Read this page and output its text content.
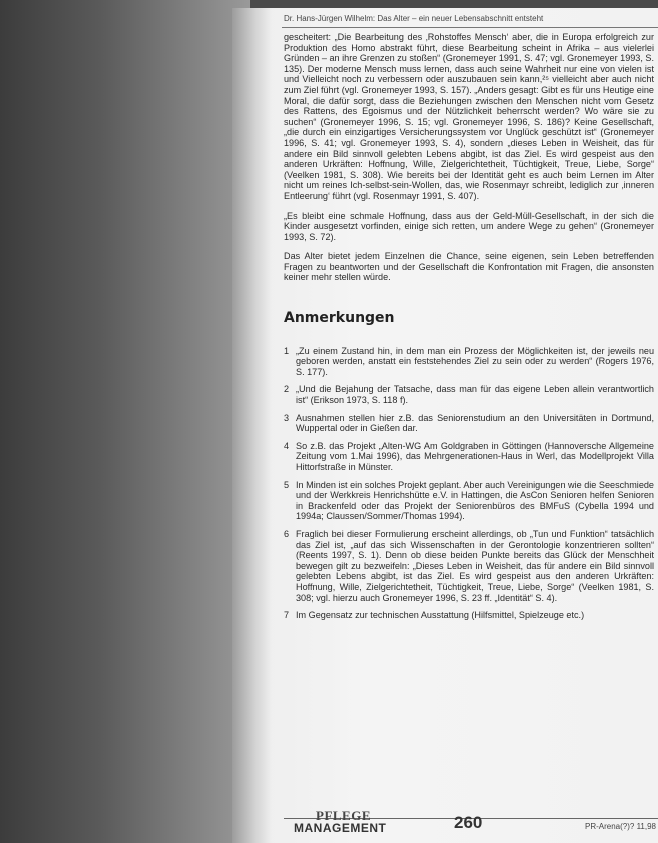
Dr. Hans-Jürgen Wilhelm: Das Alter – ein neuer Lebensabschnitt entsteht

gescheitert: „Die Bearbeitung des ‚Rohstoffes Mensch‘ aber, die in Europa erfolgreich zur Produktion des Homo abstrakt führt, diese Bearbeitung scheint in Afrika – aus vielerlei Gründen – an ihre Grenzen zu stoßen“ (Gronemeyer 1991, S. 47; vgl. Gronemeyer 1993, S. 135). Der moderne Mensch muss lernen, dass auch seine Wahrheit nur eine von vielen ist und Vielleicht noch zu verbessern oder auszubauen sein kann,²⁵ vielleicht aber auch nicht zum Ziel führt (vgl. Gronemeyer 1993, S. 157). „Anders gesagt: Gibt es für uns Heutige eine Moral, die dafür sorgt, dass die Beziehungen zwischen den Menschen nicht vom Gesetz des Rattens, des Egoismus und der Nützlichkeit beherrscht werden? Wo wäre sie zu suchen“ (Gronemeyer 1996, S. 15; vgl. Gronemeyer 1996, S. 186)? Keine Gesellschaft, „die durch ein einzigartiges Versicherungssystem vor Unglück geschützt ist“ (Gronemeyer 1996, S. 41; vgl. Gronemeyer 1993, S. 4), sondern „dieses Leben in Weisheit, das für andere ein Bild sinnvoll gelebten Lebens abgibt, ist das Ziel. Es wird gespeist aus den anderen Urkräften: Hoffnung, Wille, Zielgerichtetheit, Tüchtigkeit, Treue, Liebe, Sorge“ (Veelken 1981, S. 308). Wie bereits bei der Identität geht es auch beim Lernen im Alter nicht um reines Ich-selbst-sein-Wollen, das, wie Rosenmayr schreibt, lediglich zur ‚inneren Entleerung‘ führt (vgl. Rosenmayr 1991, S. 407).

„Es bleibt eine schmale Hoffnung, dass aus der Geld-Müll-Gesellschaft, in der sich die Kinder ausgesetzt vorfinden, einige sich retten, um andere Wege zu gehen“ (Gronemeyer 1993, S. 72).

Das Alter bietet jedem Einzelnen die Chance, seine eigenen, sein Leben betreffenden Fragen zu beantworten und der Gesellschaft die Konfrontation mit Fragen, die ansonsten keiner mehr stellen würde.

Anmerkungen
1 „Zu einem Zustand hin, in dem man ein Prozess der Möglichkeiten ist, der jeweils neu geboren werden, anstatt ein feststehendes Ziel zu sein oder zu werden“ (Rogers 1976, S. 177).
2 „Und die Bejahung der Tatsache, dass man für das eigene Leben allein verantwortlich ist“ (Erikson 1973, S. 118 f).
3 Ausnahmen stellen hier z.B. das Seniorenstudium an den Universitäten in Dortmund, Wuppertal oder in Gießen dar.
4 So z.B. das Projekt „Alten-WG Am Goldgraben in Göttingen (Hannoversche Allgemeine Zeitung vom 1.Mai 1996), das Mehrgenerationen-Haus in Werl, das Modellprojekt Villa Hittorfstraße in Münster.
5 In Minden ist ein solches Projekt geplant. Aber auch Vereinigungen wie die Seeschmiede und der Werkkreis Henrichshütte e.V. in Hattingen, die AsCon Senioren helfen Senioren in Brackenfeld oder das Projekt der Seniorenbüros des BMFuS (Cybella 1994 und 1994a; Claussen/Sommer/Thomas 1994).
6 Fraglich bei dieser Formulierung erscheint allerdings, ob „Tun und Funktion“ tatsächlich das Ziel ist, „auf das sich Wissenschaften in der Gerontologie konzentrieren sollten“ (Reents 1997, S. 1). Denn ob diese beiden Punkte bereits das Glück der Menschheit bewegen gilt zu bezweifeln: „Dieses Leben in Weisheit, das für andere ein Bild sinnvoll gelebten Lebens abgibt, ist das Ziel. Es wird gespeist aus den anderen Urkräften: Hoffnung, Wille, Zielgerichtetheit, Tüchtigkeit, Treue, Liebe, Sorge“ (Veelken 1981, S. 308; vgl. hierzu auch Gronemeyer 1996, S. 23 ff. „Identität“ S. 4).
7 Im Gegensatz zur technischen Ausstattung (Hilfsmittel, Spielzeuge etc.)
PFLEGE
MANAGEMENT	260	PR-Arena(?)? 11,98
